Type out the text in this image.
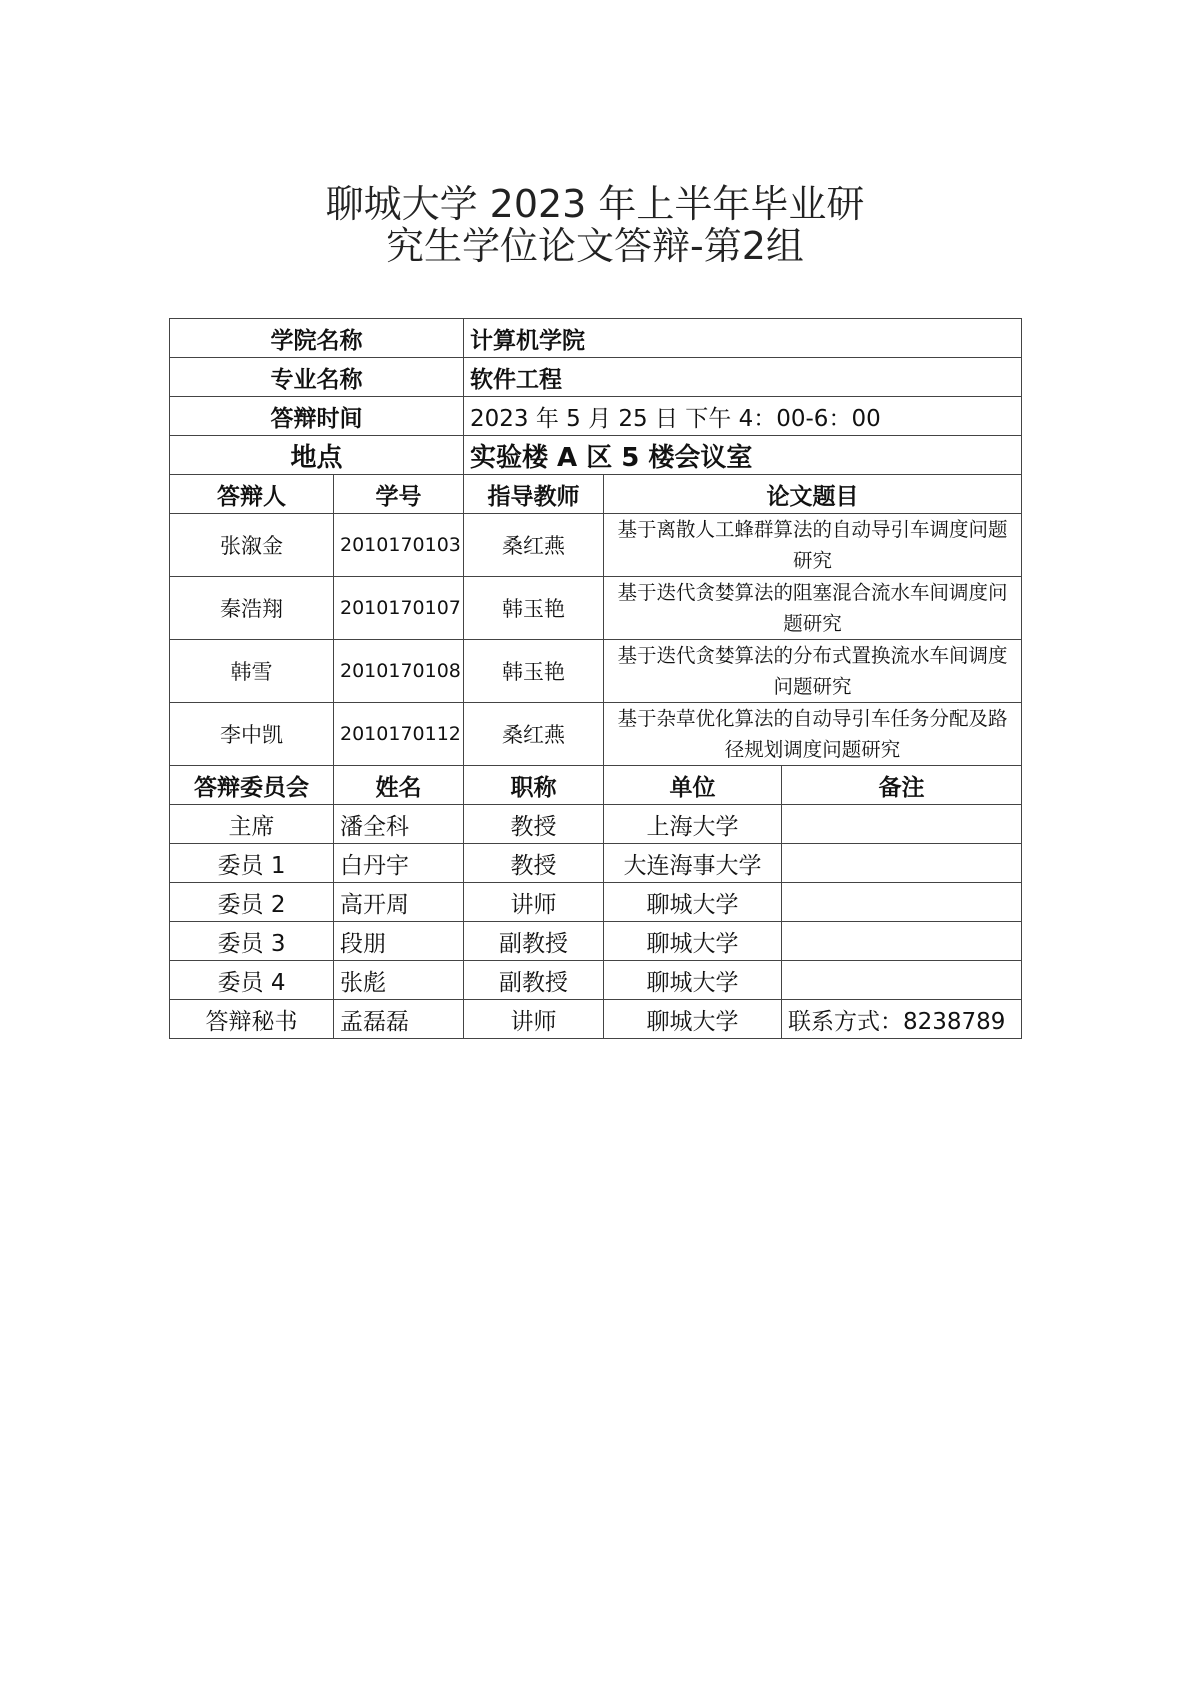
聊城大学 2023 年上半年毕业研
究生学位论文答辩-第2组
学院名称		计算机学院		
专业名称		软件工程		
答辩时间		2023 年 5 月 25 日 下午 4：00-6：00		
地点		实验楼 A 区 5 楼会议室		
答辩人	学号	指导教师	论文题目	
张溆金	2010170103	桑红燕	基于离散人工蜂群算法的自动导引车调度问题研究	
秦浩翔	2010170107	韩玉艳	基于迭代贪婪算法的阻塞混合流水车间调度问题研究	
韩雪	2010170108	韩玉艳	基于迭代贪婪算法的分布式置换流水车间调度问题研究	
李中凯	2010170112	桑红燕	基于杂草优化算法的自动导引车任务分配及路径规划调度问题研究	
答辩委员会	姓名	职称	单位	备注
主席	潘全科	教授	上海大学	
委员 1	白丹宇	教授	大连海事大学	
委员 2	高开周	讲师	聊城大学	
委员 3	段朋	副教授	聊城大学	
委员 4	张彪	副教授	聊城大学	
答辩秘书	孟磊磊	讲师	聊城大学	联系方式：8238789
